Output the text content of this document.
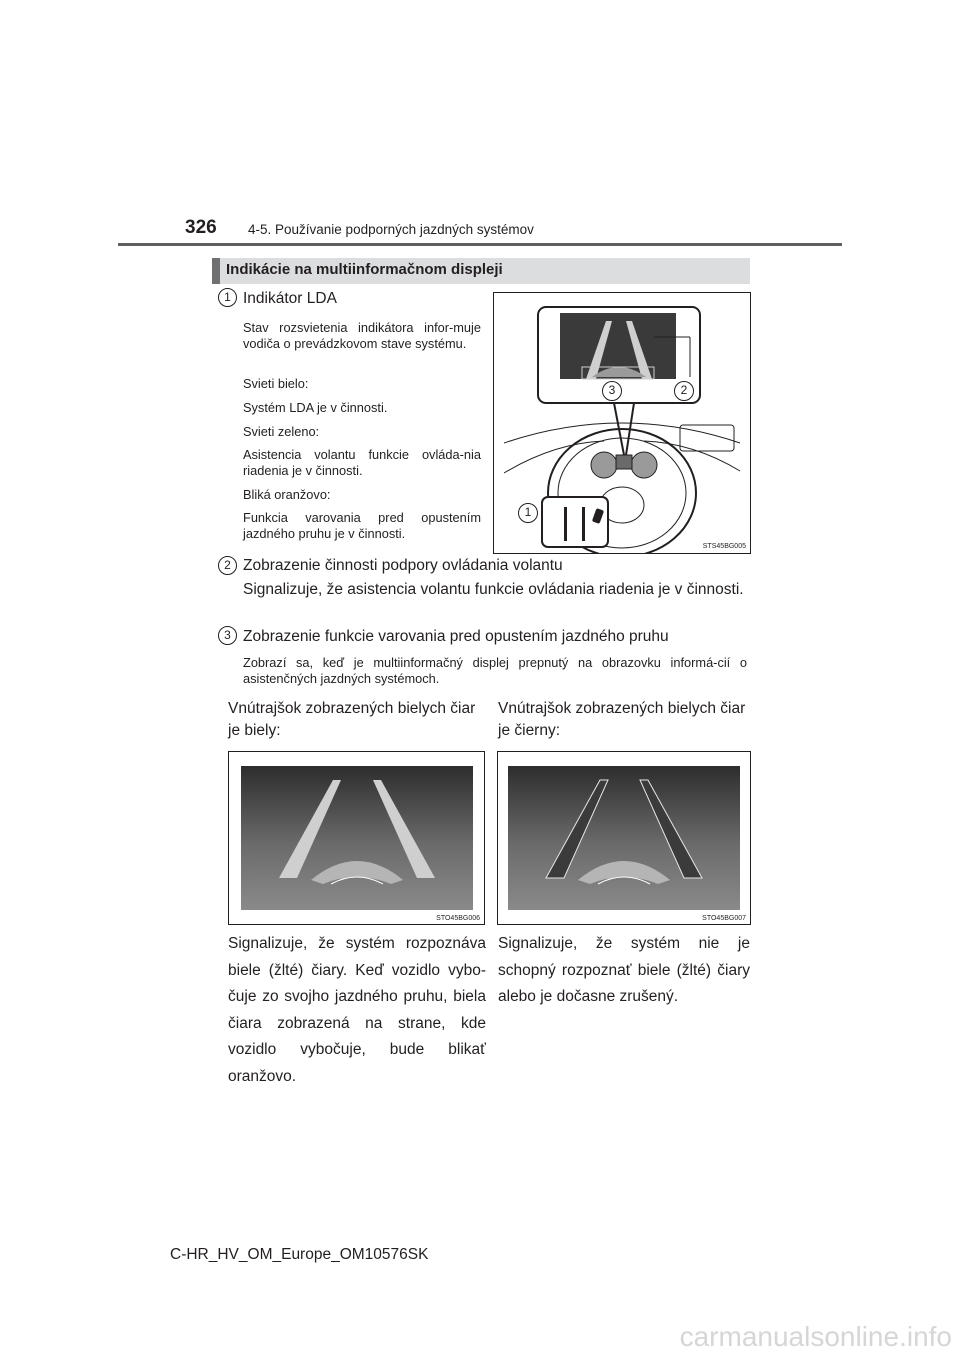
326 4-5. Používanie podporných jazdných systémov
Indikácie na multiinformačnom displeji
1 Indikátor LDA
Stav rozsvietenia indikátora infor-muje vodiča o prevádzkovom stave systému.
Svieti bielo:
Systém LDA je v činnosti.
Svieti zeleno:
Asistencia volantu funkcie ovláda-nia riadenia je v činnosti.
Bliká oranžovo:
Funkcia varovania pred opustením jazdného pruhu je v činnosti.
3	2
1
STS45BG005
2 Zobrazenie činnosti podpory ovládania volantu
Signalizuje, že asistencia volantu funkcie ovládania riadenia je v činnosti.
3 Zobrazenie funkcie varovania pred opustením jazdného pruhu
Zobrazí sa, keď je multiinformačný displej prepnutý na obrazovku informá-cií o asistenčných jazdných systémoch.
Vnútrajšok zobrazených bielych čiar je biely:
Vnútrajšok zobrazených bielych čiar je čierny:
STO45BG006	STO45BG007
Signalizuje, že systém rozpoznáva biele (žlté) čiary. Keď vozidlo vybo-čuje zo svojho jazdného pruhu, biela čiara zobrazená na strane, kde vozidlo vybočuje, bude blikať oranžovo.
Signalizuje, že systém nie je schopný rozpoznať biele (žlté) čiary alebo je dočasne zrušený.
C-HR_HV_OM_Europe_OM10576SK
carmanualsonline.info
